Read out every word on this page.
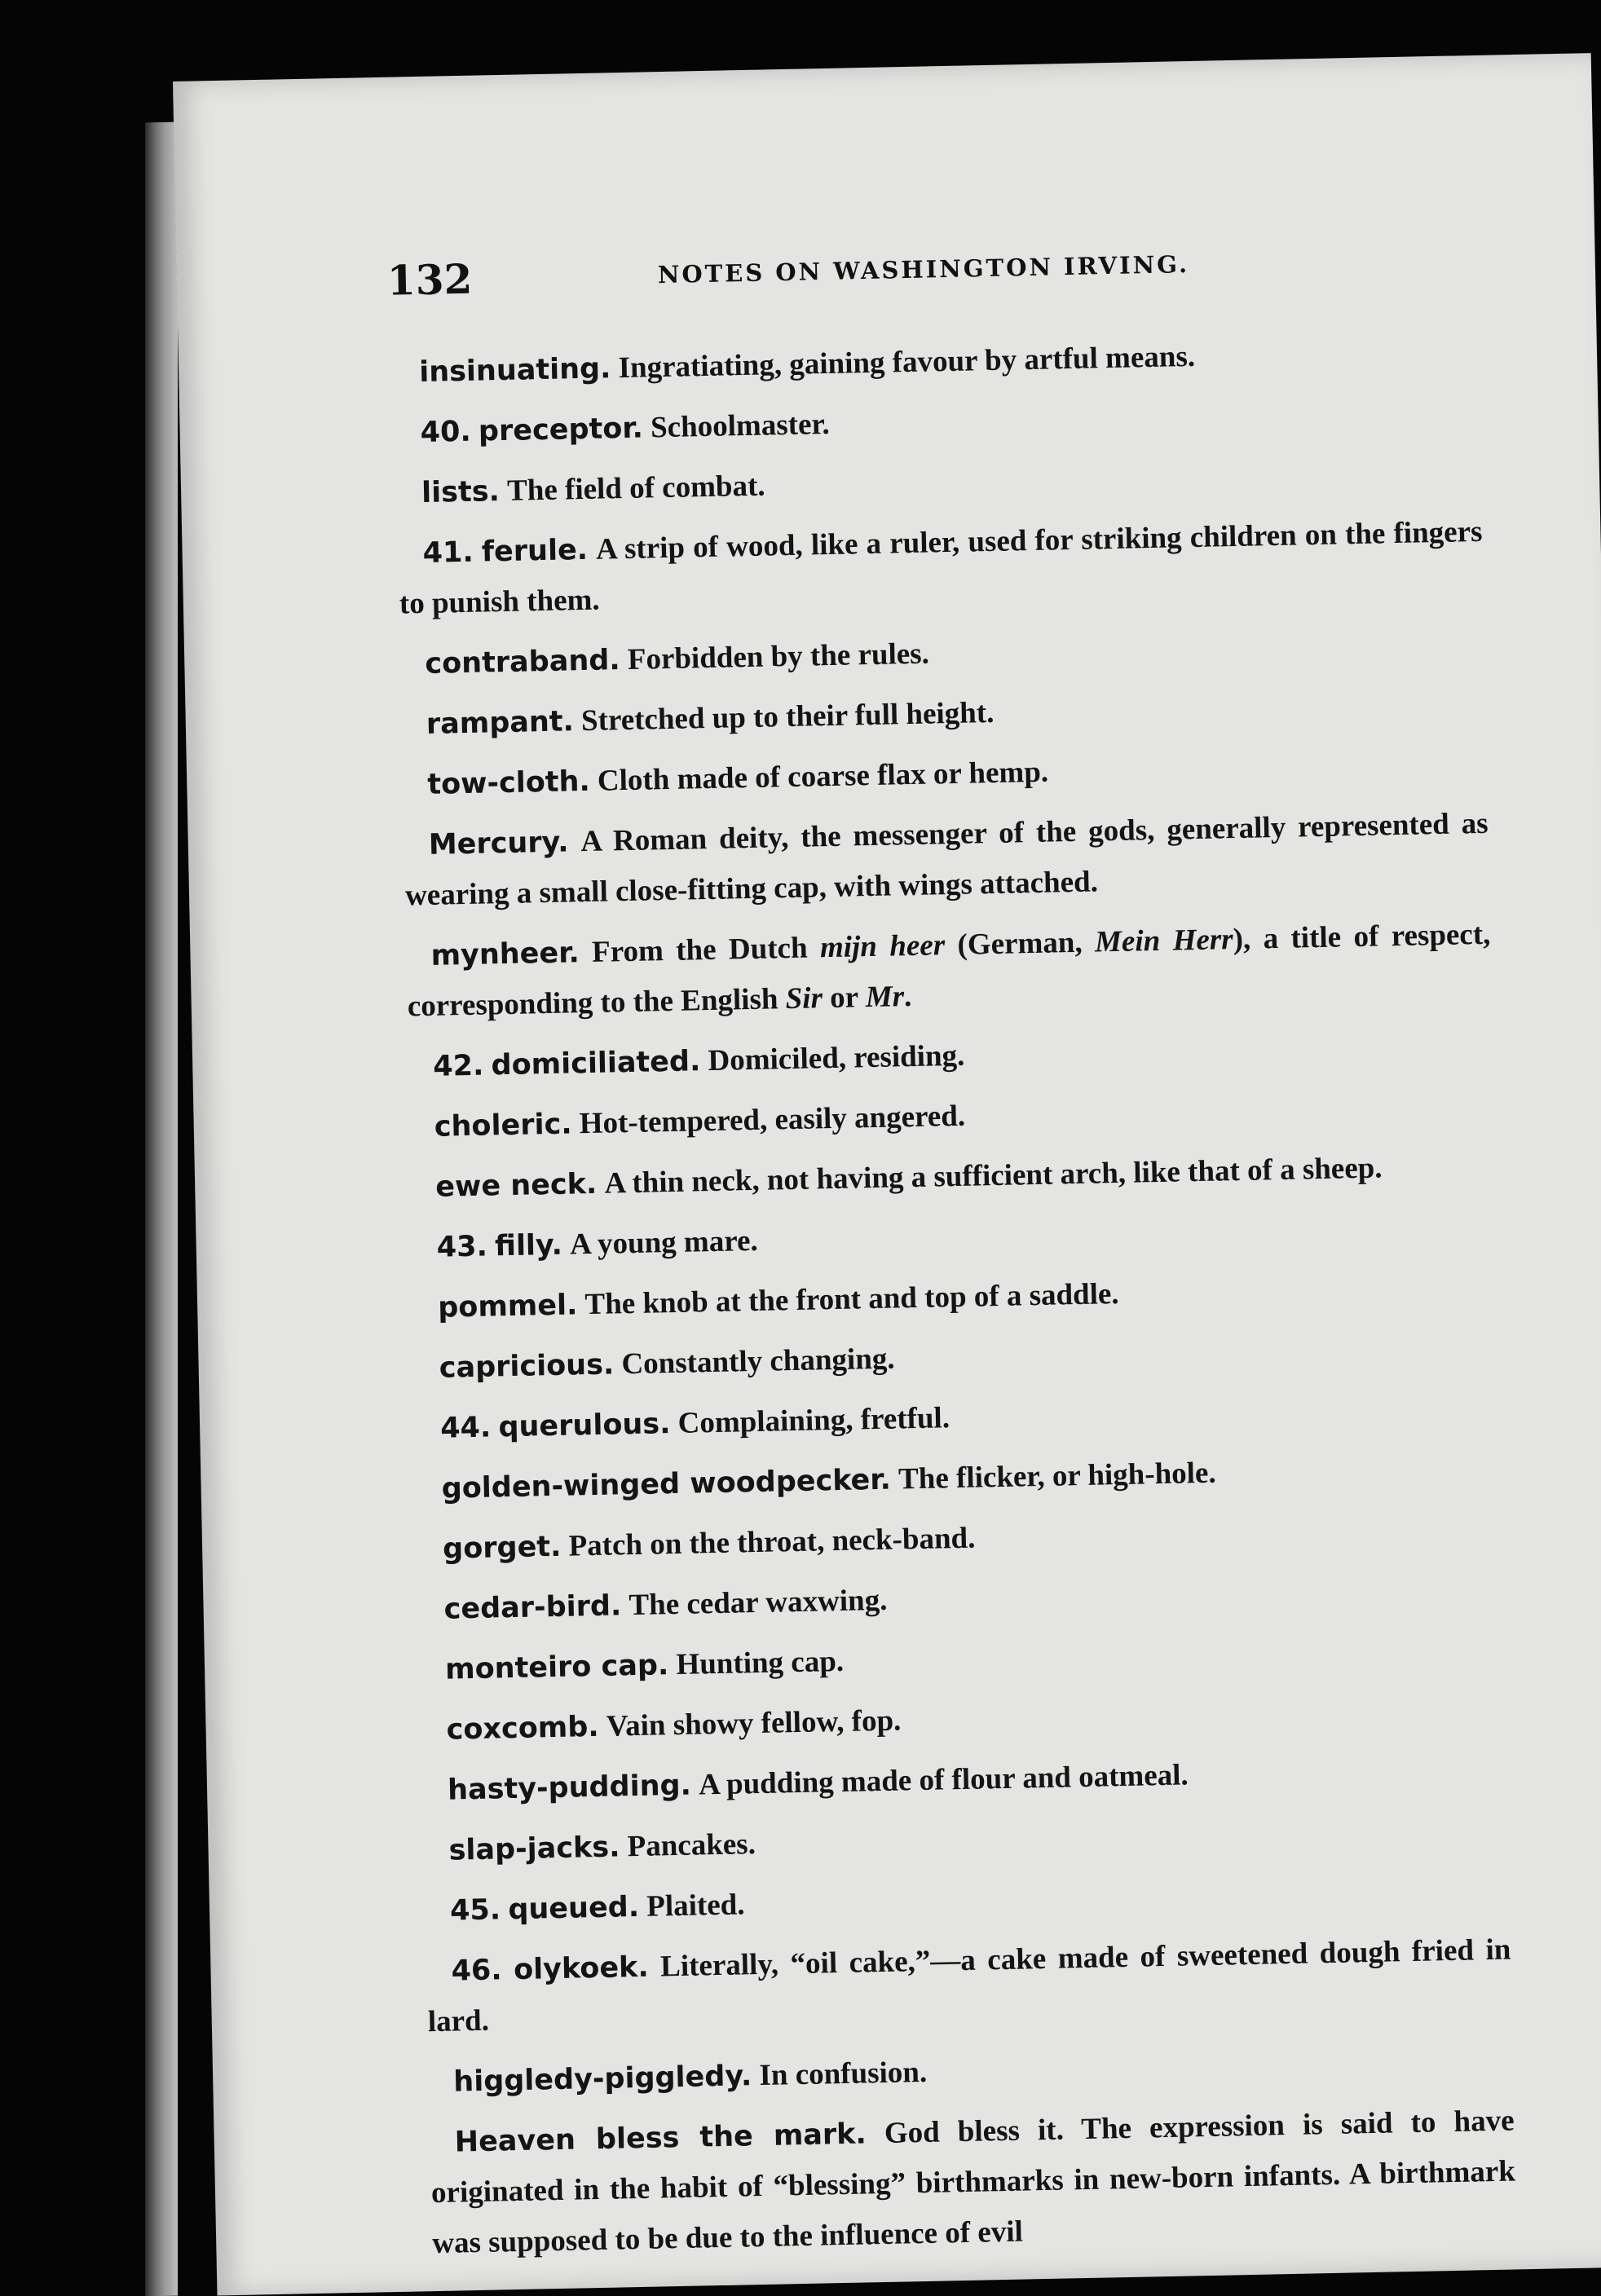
132	NOTES ON WASHINGTON IRVING.

insinuating. Ingratiating, gaining favour by artful means.

40. preceptor. Schoolmaster.

lists. The field of combat.

41. ferule. A strip of wood, like a ruler, used for striking children on the fingers to punish them.

contraband. Forbidden by the rules.

rampant. Stretched up to their full height.

tow-cloth. Cloth made of coarse flax or hemp.

Mercury. A Roman deity, the messenger of the gods, generally represented as wearing a small close-fitting cap, with wings attached.

mynheer. From the Dutch mijn heer (German, Mein Herr), a title of respect, corresponding to the English Sir or Mr.

42. domiciliated. Domiciled, residing.

choleric. Hot-tempered, easily angered.

ewe neck. A thin neck, not having a sufficient arch, like that of a sheep.

43. filly. A young mare.

pommel. The knob at the front and top of a saddle.

capricious. Constantly changing.

44. querulous. Complaining, fretful.

golden-winged woodpecker. The flicker, or high-hole.

gorget. Patch on the throat, neck-band.

cedar-bird. The cedar waxwing.

monteiro cap. Hunting cap.

coxcomb. Vain showy fellow, fop.

hasty-pudding. A pudding made of flour and oatmeal.

slap-jacks. Pancakes.

45. queued. Plaited.

46. olykoek. Literally, “oil cake,”—a cake made of sweetened dough fried in lard.

higgledy-piggledy. In confusion.

Heaven bless the mark. God bless it. The expression is said to have originated in the habit of “blessing” birthmarks in new-born infants. A birthmark was supposed to be due to the influence of evil
